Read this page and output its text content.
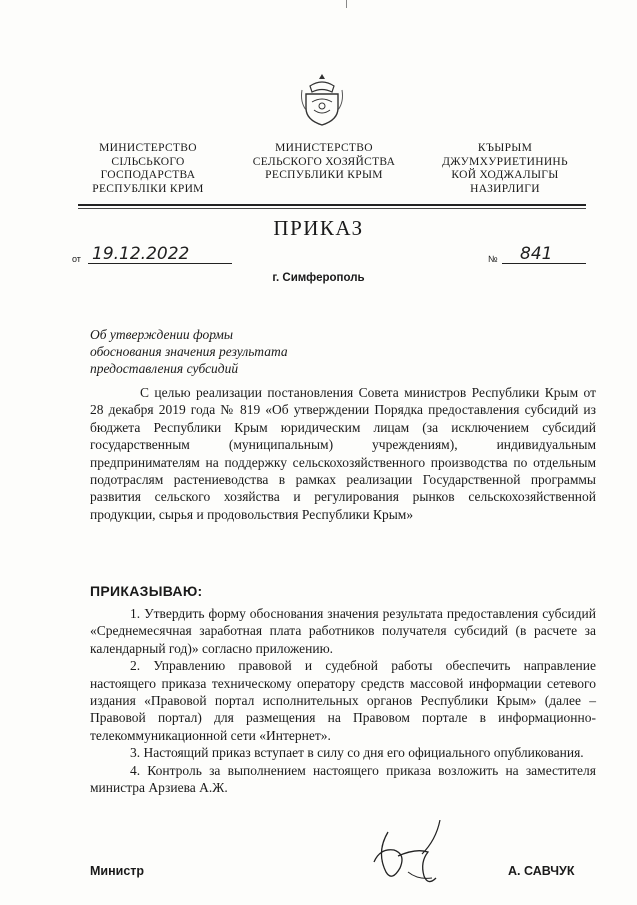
МИНИСТЕРСТВО
СІЛЬСЬКОГО
ГОСПОДАРСТВА
РЕСПУБЛІКИ КРИМ
МИНИСТЕРСТВО
СЕЛЬСКОГО ХОЗЯЙСТВА
РЕСПУБЛИКИ КРЫМ
КЪЫРЫМ
ДЖУМХУРИЕТИНИНЬ
КОЙ ХОДЖАЛЫГЫ
НАЗИРЛИГИ
ПРИКАЗ
от 19.12.2022	№	841
г. Симферополь
Об утверждении формы
обоснования значения результата
предоставления субсидий
С целью реализации постановления Совета министров Республики Крым от 28 декабря 2019 года № 819 «Об утверждении Порядка предоставления субсидий из бюджета Республики Крым юридическим лицам (за исключением субсидий государственным (муниципальным) учреждениям), индивидуальным предпринимателям на поддержку сельскохозяйственного производства по отдельным подотраслям растениеводства в рамках реализации Государственной программы развития сельского хозяйства и регулирования рынков сельскохозяйственной продукции, сырья и продовольствия Республики Крым»
ПРИКАЗЫВАЮ:

1. Утвердить форму обоснования значения результата предоставления субсидий «Среднемесячная заработная плата работников получателя субсидий (в расчете за календарный год)» согласно приложению.

2. Управлению правовой и судебной работы обеспечить направление настоящего приказа техническому оператору средств массовой информации сетевого издания «Правовой портал исполнительных органов Республики Крым» (далее – Правовой портал) для размещения на Правовом портале в информационно-телекоммуникационной сети «Интернет».

3. Настоящий приказ вступает в силу со дня его официального опубликования.

4. Контроль за выполнением настоящего приказа возложить на заместителя министра Арзиева А.Ж.

Министр	А. САВЧУК
